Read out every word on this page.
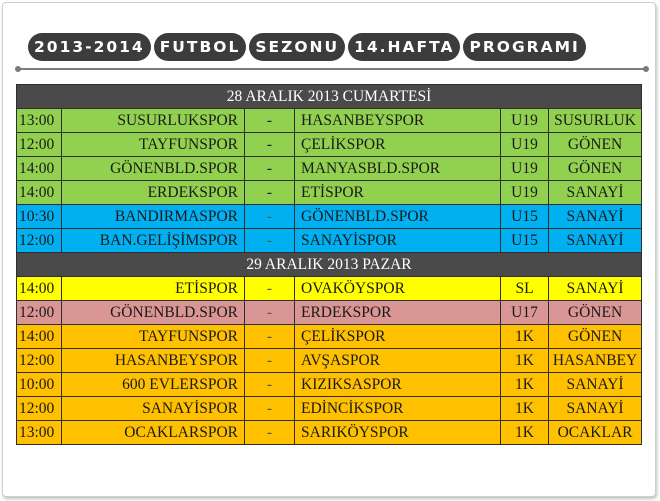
2013-2014 FUTBOL SEZONU 14.HAFTA PROGRAMI
28 ARALIK 2013 CUMARTESİ					
13:00	SUSURLUKSPOR	-	HASANBEYSPOR	U19	SUSURLUK
12:00	TAYFUNSPOR	-	ÇELİKSPOR	U19	GÖNEN
14:00	GÖNENBLD.SPOR	-	MANYASBLD.SPOR	U19	GÖNEN
14:00	ERDEKSPOR	-	ETİSPOR	U19	SANAYİ
10:30	BANDIRMASPOR	-	GÖNENBLD.SPOR	U15	SANAYİ
12:00	BAN.GELİŞİMSPOR	-	SANAYİSPOR	U15	SANAYİ
29 ARALIK 2013 PAZAR					
14:00	ETİSPOR	-	OVAKÖYSPOR	SL	SANAYİ
12:00	GÖNENBLD.SPOR	-	ERDEKSPOR	U17	GÖNEN
14:00	TAYFUNSPOR	-	ÇELİKSPOR	1K	GÖNEN
12:00	HASANBEYSPOR	-	AVŞASPOR	1K	HASANBEY
10:00	600 EVLERSPOR	-	KIZIKSASPOR	1K	SANAYİ
12:00	SANAYİSPOR	-	EDİNCİKSPOR	1K	SANAYİ
13:00	OCAKLARSPOR	-	SARIKÖYSPOR	1K	OCAKLAR
